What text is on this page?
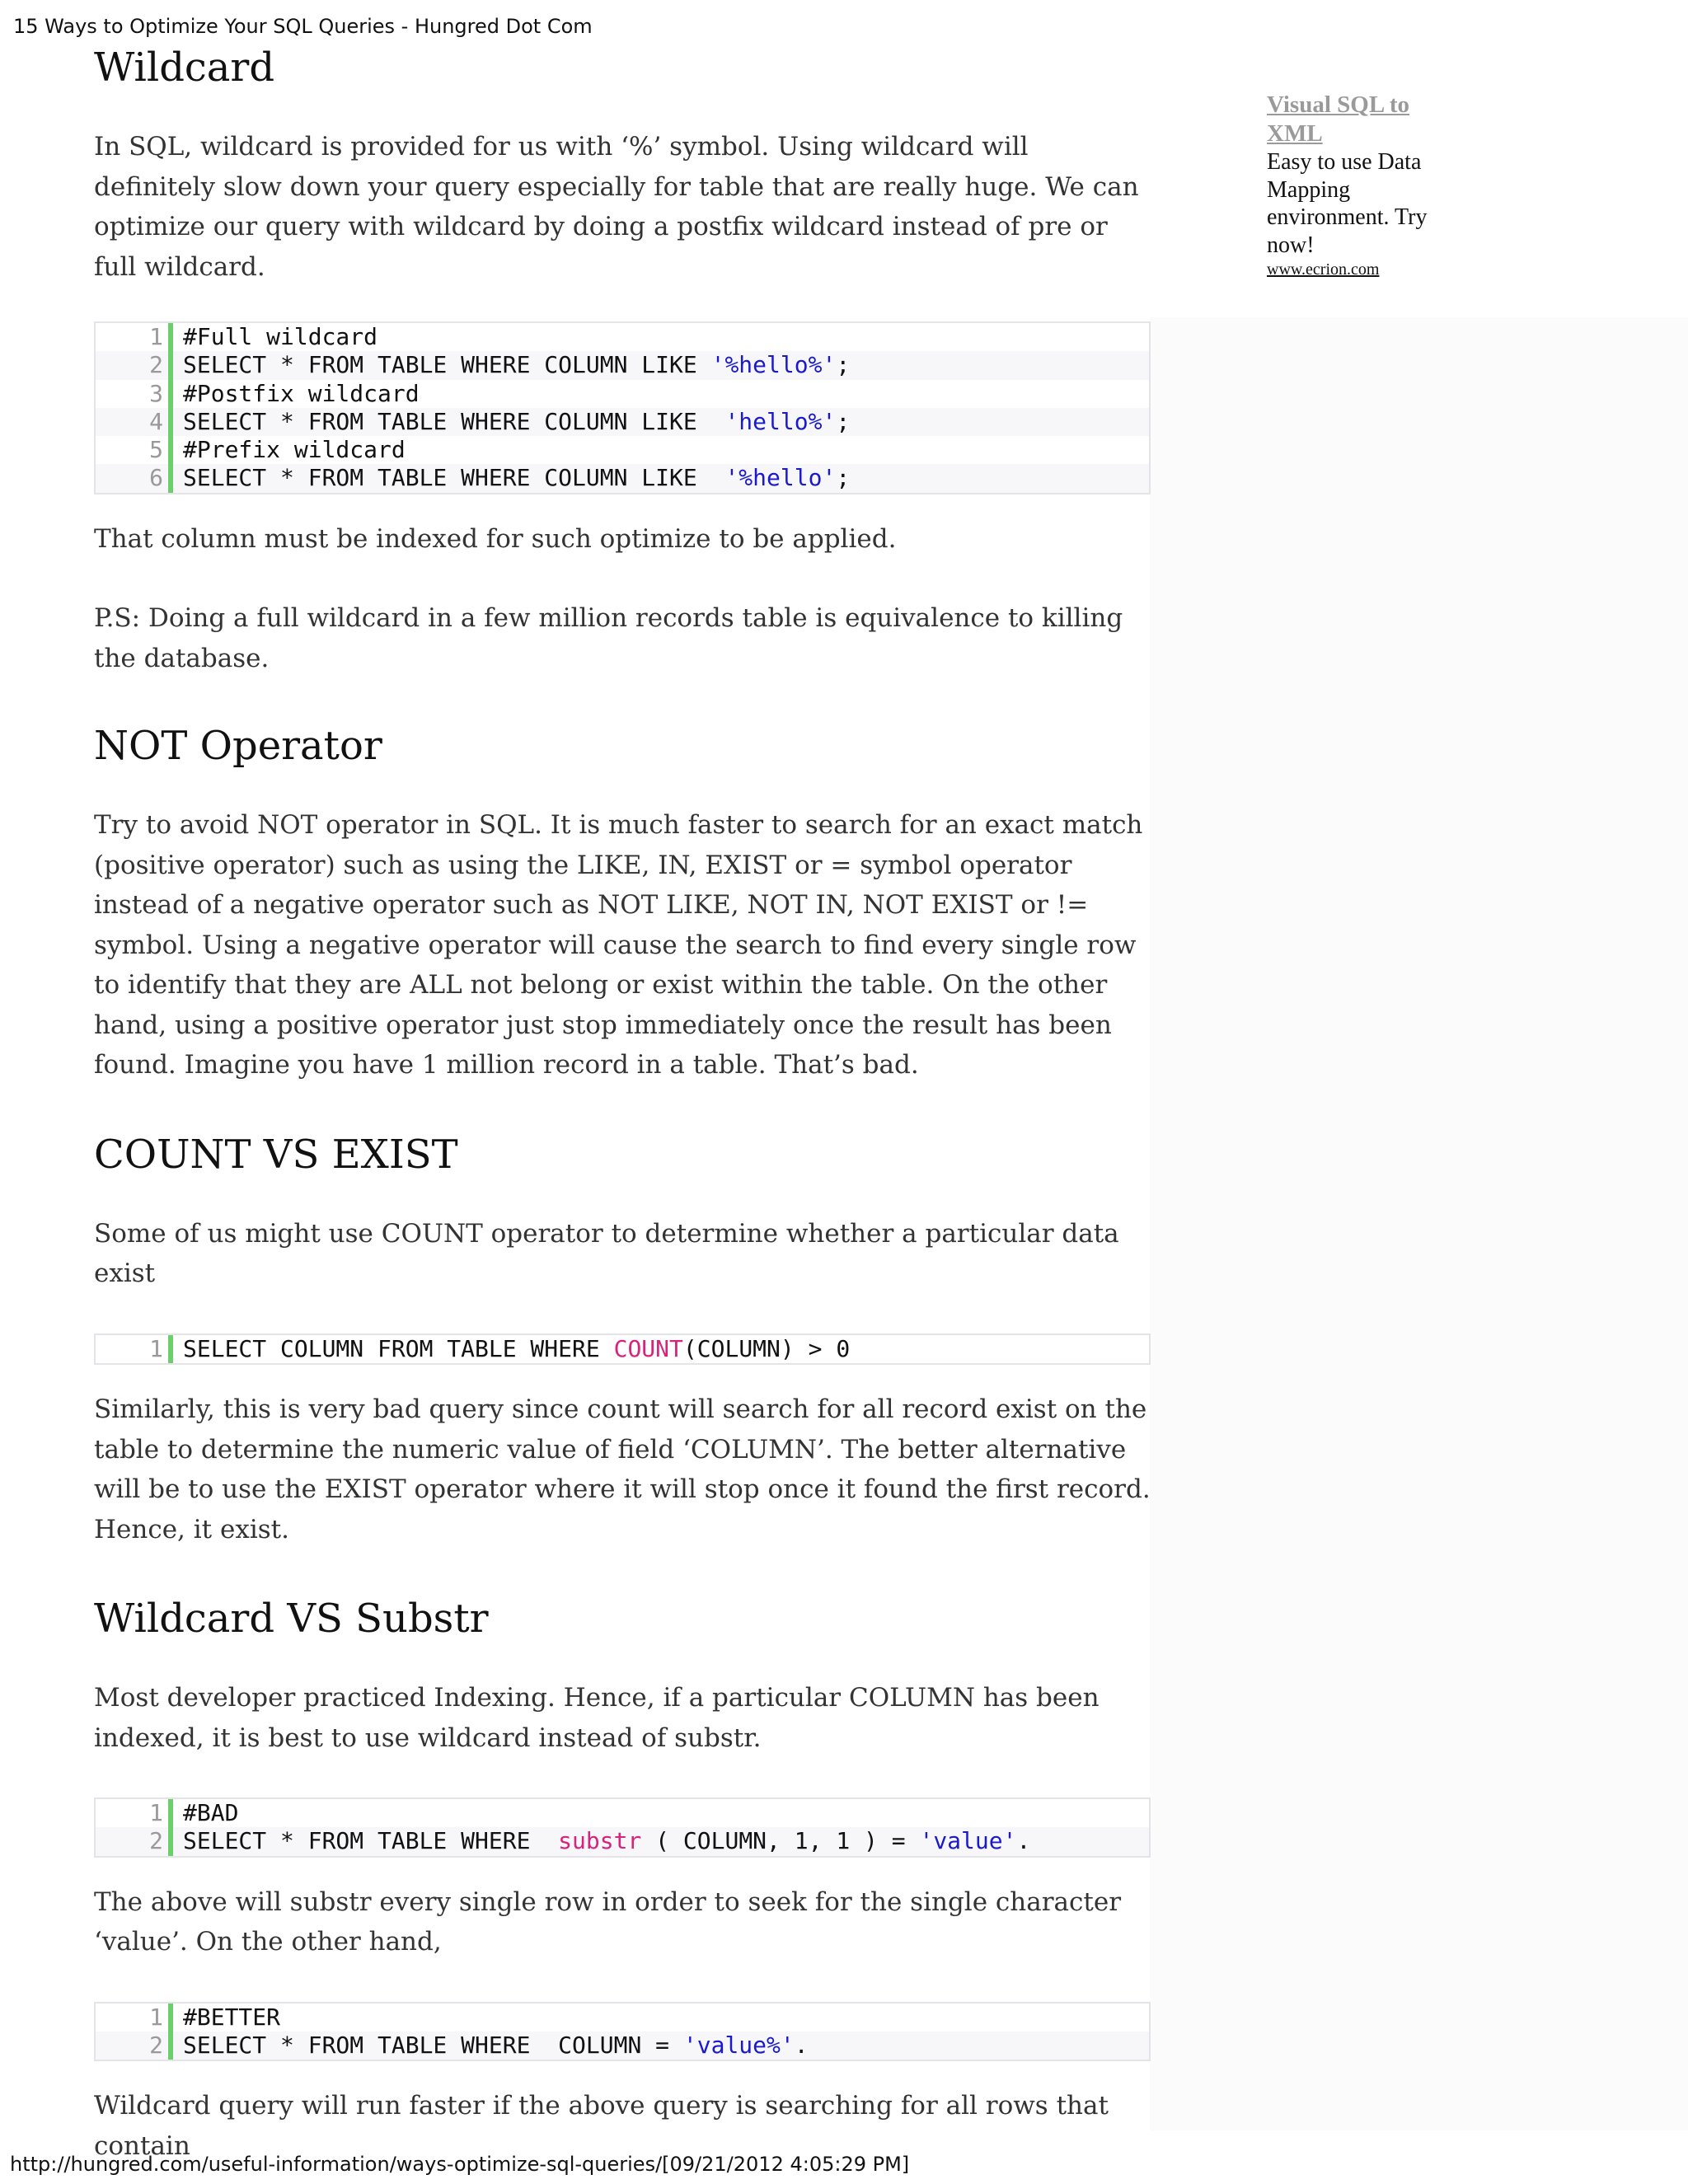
15 Ways to Optimize Your SQL Queries - Hungred Dot Com
Visual SQL to XML
Easy to use Data Mapping environment. Try now!
www.ecrion.com
Wildcard

In SQL, wildcard is provided for us with ‘%’ symbol. Using wildcard will definitely slow down your query especially for table that are really huge. We can optimize our query with wildcard by doing a postfix wildcard instead of pre or full wildcard.

1 #Full wildcard
2 SELECT * FROM TABLE WHERE COLUMN LIKE '%hello%';
3 #Postfix wildcard
4 SELECT * FROM TABLE WHERE COLUMN LIKE  'hello%';
5 #Prefix wildcard
6 SELECT * FROM TABLE WHERE COLUMN LIKE  '%hello';

That column must be indexed for such optimize to be applied.

P.S: Doing a full wildcard in a few million records table is equivalence to killing the database.

NOT Operator

Try to avoid NOT operator in SQL. It is much faster to search for an exact match (positive operator) such as using the LIKE, IN, EXIST or = symbol operator instead of a negative operator such as NOT LIKE, NOT IN, NOT EXIST or != symbol. Using a negative operator will cause the search to find every single row to identify that they are ALL not belong or exist within the table. On the other hand, using a positive operator just stop immediately once the result has been found. Imagine you have 1 million record in a table. That’s bad.

COUNT VS EXIST

Some of us might use COUNT operator to determine whether a particular data exist

1 SELECT COLUMN FROM TABLE WHERE COUNT(COLUMN) > 0

Similarly, this is very bad query since count will search for all record exist on the table to determine the numeric value of field ‘COLUMN’. The better alternative will be to use the EXIST operator where it will stop once it found the first record. Hence, it exist.

Wildcard VS Substr

Most developer practiced Indexing. Hence, if a particular COLUMN has been indexed, it is best to use wildcard instead of substr.

1 #BAD
2 SELECT * FROM TABLE WHERE  substr ( COLUMN, 1, 1 ) = 'value'.

The above will substr every single row in order to seek for the single character ‘value’. On the other hand,

1 #BETTER
2 SELECT * FROM TABLE WHERE  COLUMN = 'value%'.

Wildcard query will run faster if the above query is searching for all rows that contain

http://hungred.com/useful-information/ways-optimize-sql-queries/[09/21/2012 4:05:29 PM]
